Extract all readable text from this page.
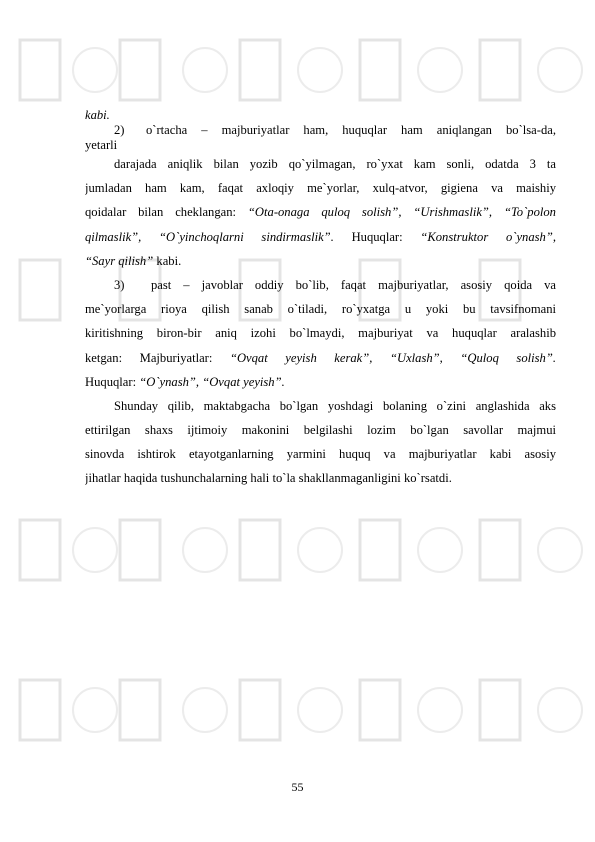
kabi.
2) o`rtacha – majburiyatlar ham, huquqlar ham aniqlangan bo`lsa-da,
yetarli
darajada aniqlik bilan yozib qo`yilmagan, ro`yxat kam sonli, odatda 3 ta
jumladan ham kam, faqat axloqiy me`yorlar, xulq-atvor, gigiena va maishiy
qoidalar bilan cheklangan: “Ota-onaga quloq solish”, “Urishmaslik”, “To`polon
qilmaslik”, “O`yinchoqlarni sindirmaslik”. Huquqlar: “Konstruktor o`ynash”,
“Sayr qilish” kabi.
3) past – javoblar oddiy bo`lib, faqat majburiyatlar, asosiy qoida va
me`yorlarga rioya qilish sanab o`tiladi, ro`yxatga u yoki bu tavsifnomani
kiritishning biron-bir aniq izohi bo`lmaydi, majburiyat va huquqlar aralashib
ketgan: Majburiyatlar: “Ovqat yeyish kerak”, “Uxlash”, “Quloq solish”.
Huquqlar: “O`ynash”, “Ovqat yeyish”.
Shunday qilib, maktabgacha bo`lgan yoshdagi bolaning o`zini anglashida aks
ettirilgan shaxs ijtimoiy makonini belgilashi lozim bo`lgan savollar majmui
sinovda ishtirok etayotganlarning yarmini huquq va majburiyatlar kabi asosiy
jihatlar haqida tushunchalarning hali to`la shakllanmaganligini ko`rsatdi.
55
